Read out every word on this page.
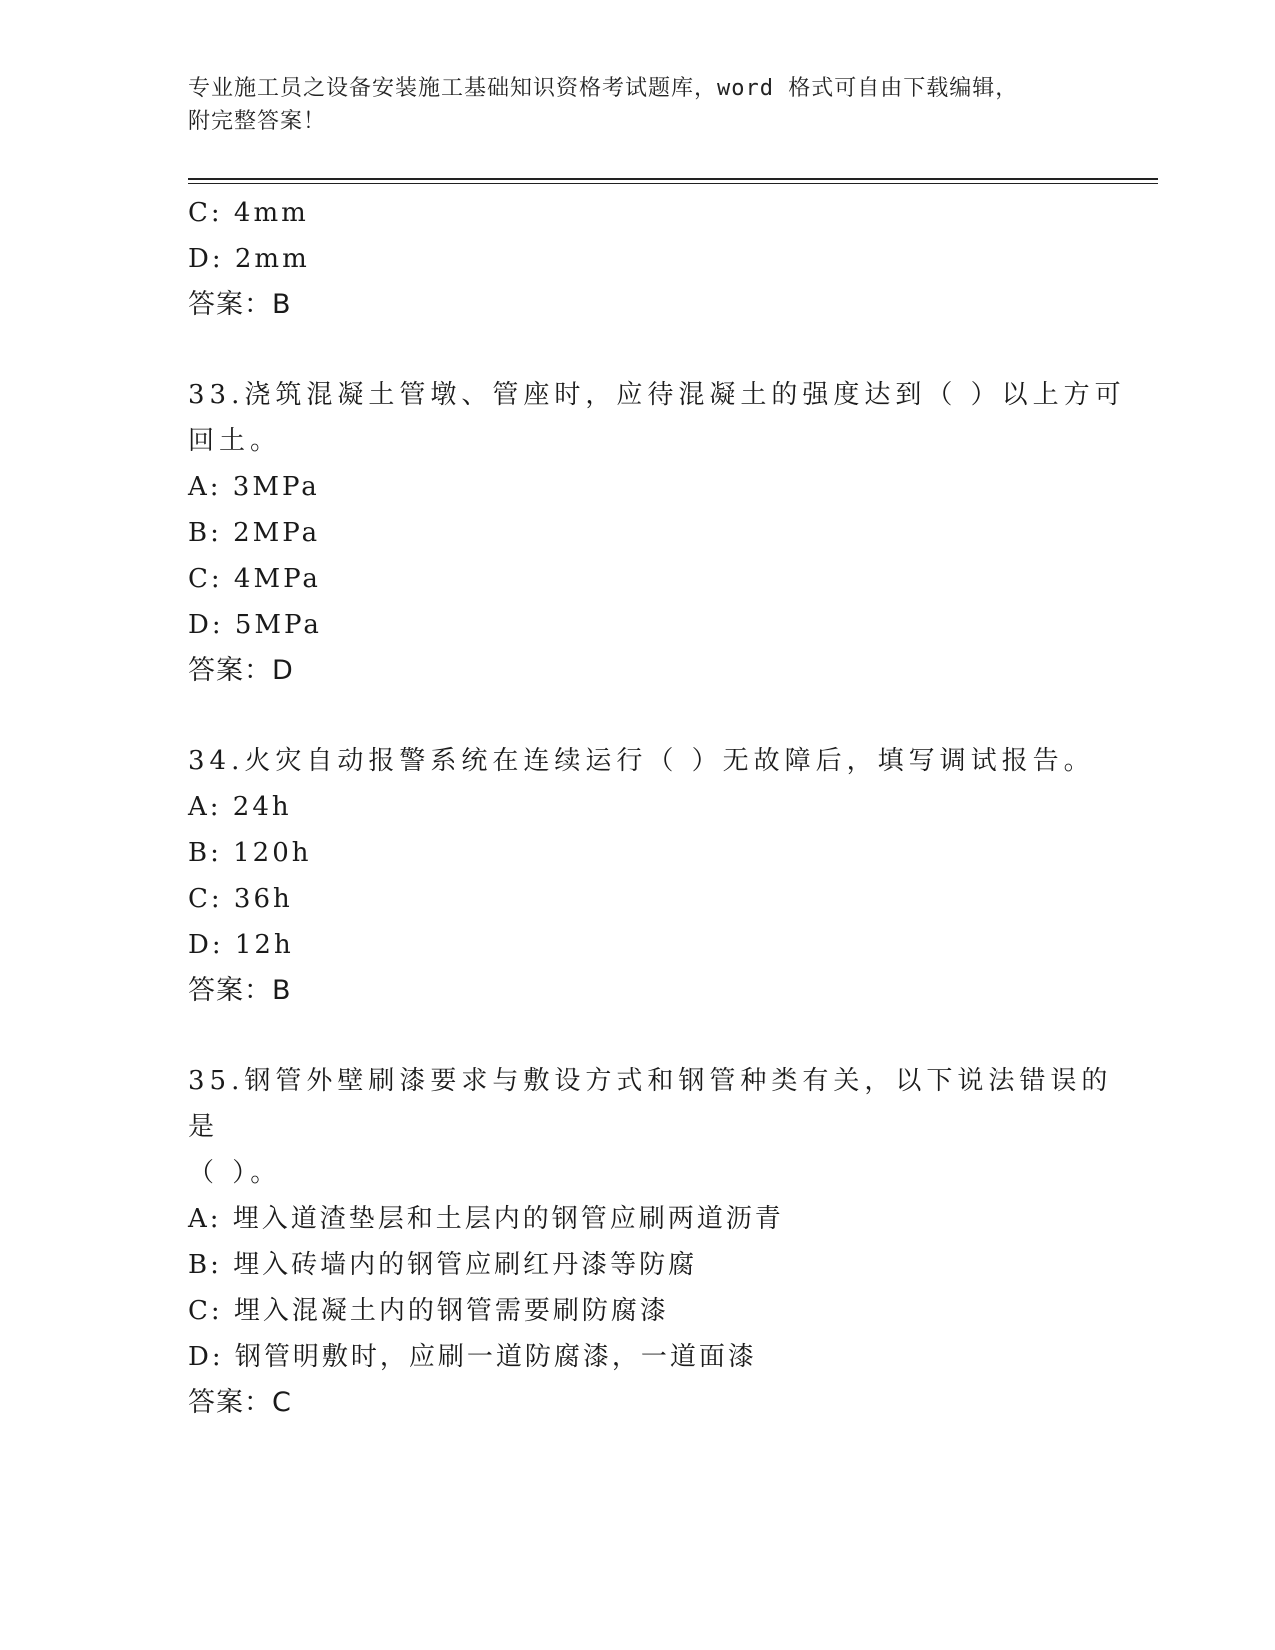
专业施工员之设备安装施工基础知识资格考试题库，word 格式可自由下载编辑，
附完整答案！
C: 4mm
D: 2mm
答案：B
33.浇筑混凝土管墩、管座时，应待混凝土的强度达到（ ）以上方可
回土。
A: 3MPa
B: 2MPa
C: 4MPa
D: 5MPa
答案：D
34.火灾自动报警系统在连续运行（ ）无故障后，填写调试报告。
A: 24h
B: 120h
C: 36h
D: 12h
答案：B
35.钢管外壁刷漆要求与敷设方式和钢管种类有关，以下说法错误的是
（ ）。
A: 埋入道渣垫层和土层内的钢管应刷两道沥青
B: 埋入砖墙内的钢管应刷红丹漆等防腐
C: 埋入混凝土内的钢管需要刷防腐漆
D: 钢管明敷时，应刷一道防腐漆，一道面漆
答案：C
